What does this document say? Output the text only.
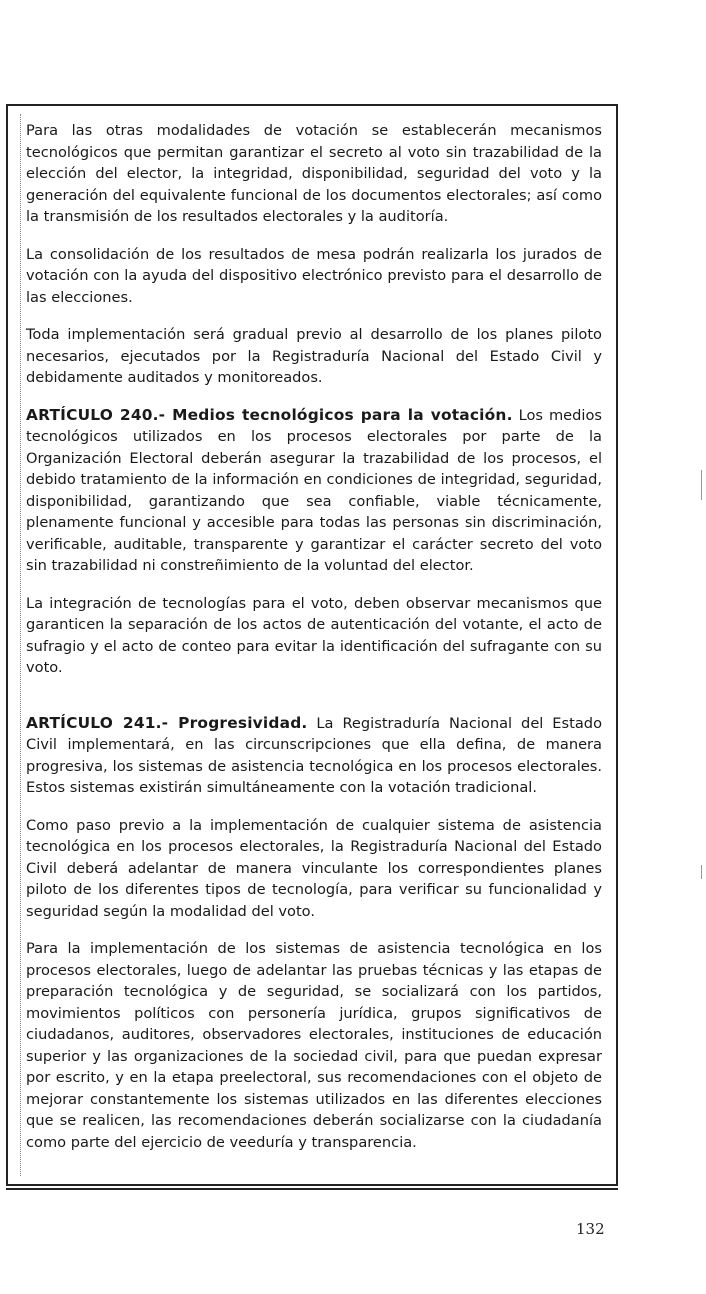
Para las otras modalidades de votación se establecerán mecanismos tecnológicos que permitan garantizar el secreto al voto sin trazabilidad de la elección del elector, la integridad, disponibilidad, seguridad del voto y la generación del equivalente funcional de los documentos electorales; así como la transmisión de los resultados electorales y la auditoría.

La consolidación de los resultados de mesa podrán realizarla los jurados de votación con la ayuda del dispositivo electrónico previsto para el desarrollo de las elecciones.

Toda implementación será gradual previo al desarrollo de los planes piloto necesarios, ejecutados por la Registraduría Nacional del Estado Civil y debidamente auditados y monitoreados.

ARTÍCULO 240.- Medios tecnológicos para la votación. Los medios tecnológicos utilizados en los procesos electorales por parte de la Organización Electoral deberán asegurar la trazabilidad de los procesos, el debido tratamiento de la información en condiciones de integridad, seguridad, disponibilidad, garantizando que sea confiable, viable técnicamente, plenamente funcional y accesible para todas las personas sin discriminación, verificable, auditable, transparente y garantizar el carácter secreto del voto sin trazabilidad ni constreñimiento de la voluntad del elector.

La integración de tecnologías para el voto, deben observar mecanismos que garanticen la separación de los actos de autenticación del votante, el acto de sufragio y el acto de conteo para evitar la identificación del sufragante con su voto.

ARTÍCULO 241.- Progresividad. La Registraduría Nacional del Estado Civil implementará, en las circunscripciones que ella defina, de manera progresiva, los sistemas de asistencia tecnológica en los procesos electorales. Estos sistemas existirán simultáneamente con la votación tradicional.

Como paso previo a la implementación de cualquier sistema de asistencia tecnológica en los procesos electorales, la Registraduría Nacional del Estado Civil deberá adelantar de manera vinculante los correspondientes planes piloto de los diferentes tipos de tecnología, para verificar su funcionalidad y seguridad según la modalidad del voto.

Para la implementación de los sistemas de asistencia tecnológica en los procesos electorales, luego de adelantar las pruebas técnicas y las etapas de preparación tecnológica y de seguridad, se socializará con los partidos, movimientos políticos con personería jurídica, grupos significativos de ciudadanos, auditores, observadores electorales, instituciones de educación superior y las organizaciones de la sociedad civil, para que puedan expresar por escrito, y en la etapa preelectoral, sus recomendaciones con el objeto de mejorar constantemente los sistemas utilizados en las diferentes elecciones que se realicen, las recomendaciones deberán socializarse con la ciudadanía como parte del ejercicio de veeduría y transparencia.

132
